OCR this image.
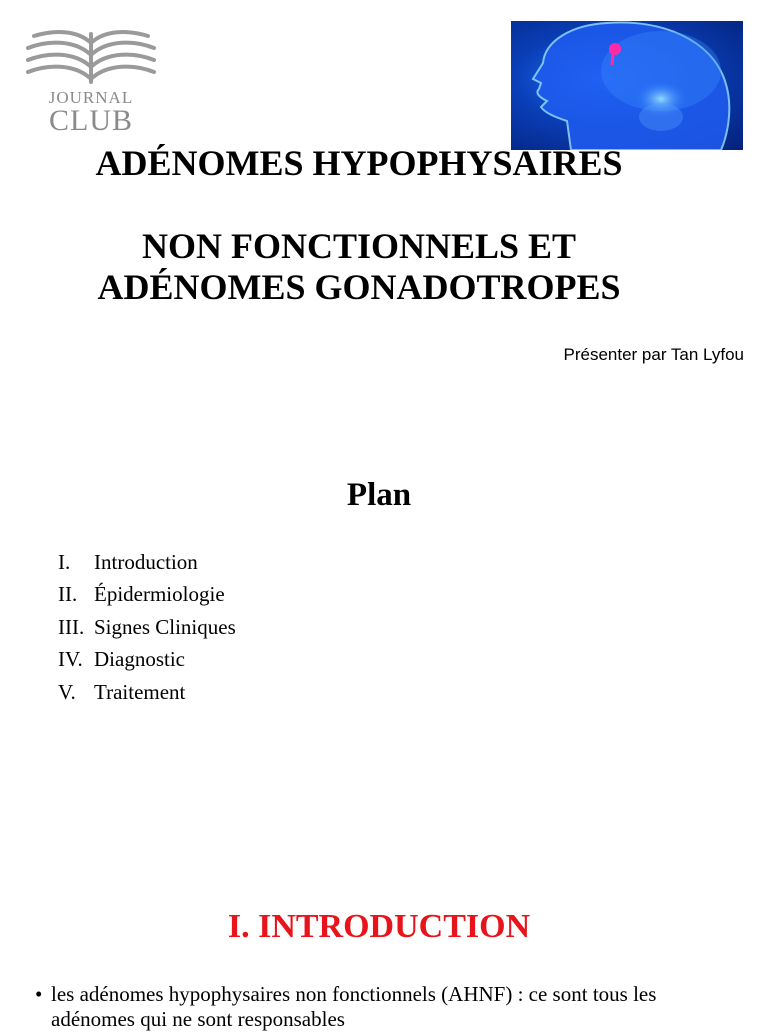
JOURNAL
CLUB
ADÉNOMES HYPOPHYSAIRES
NON FONCTIONNELS ET
ADÉNOMES GONADOTROPES
Présenter par Tan Lyfou
Plan
I. Introduction
II. Épidermiologie
III. Signes Cliniques
IV. Diagnostic
V. Traitement
I. INTRODUCTION
• les adénomes hypophysaires non fonctionnels (AHNF) : ce sont tous les
adénomes qui ne sont responsables
